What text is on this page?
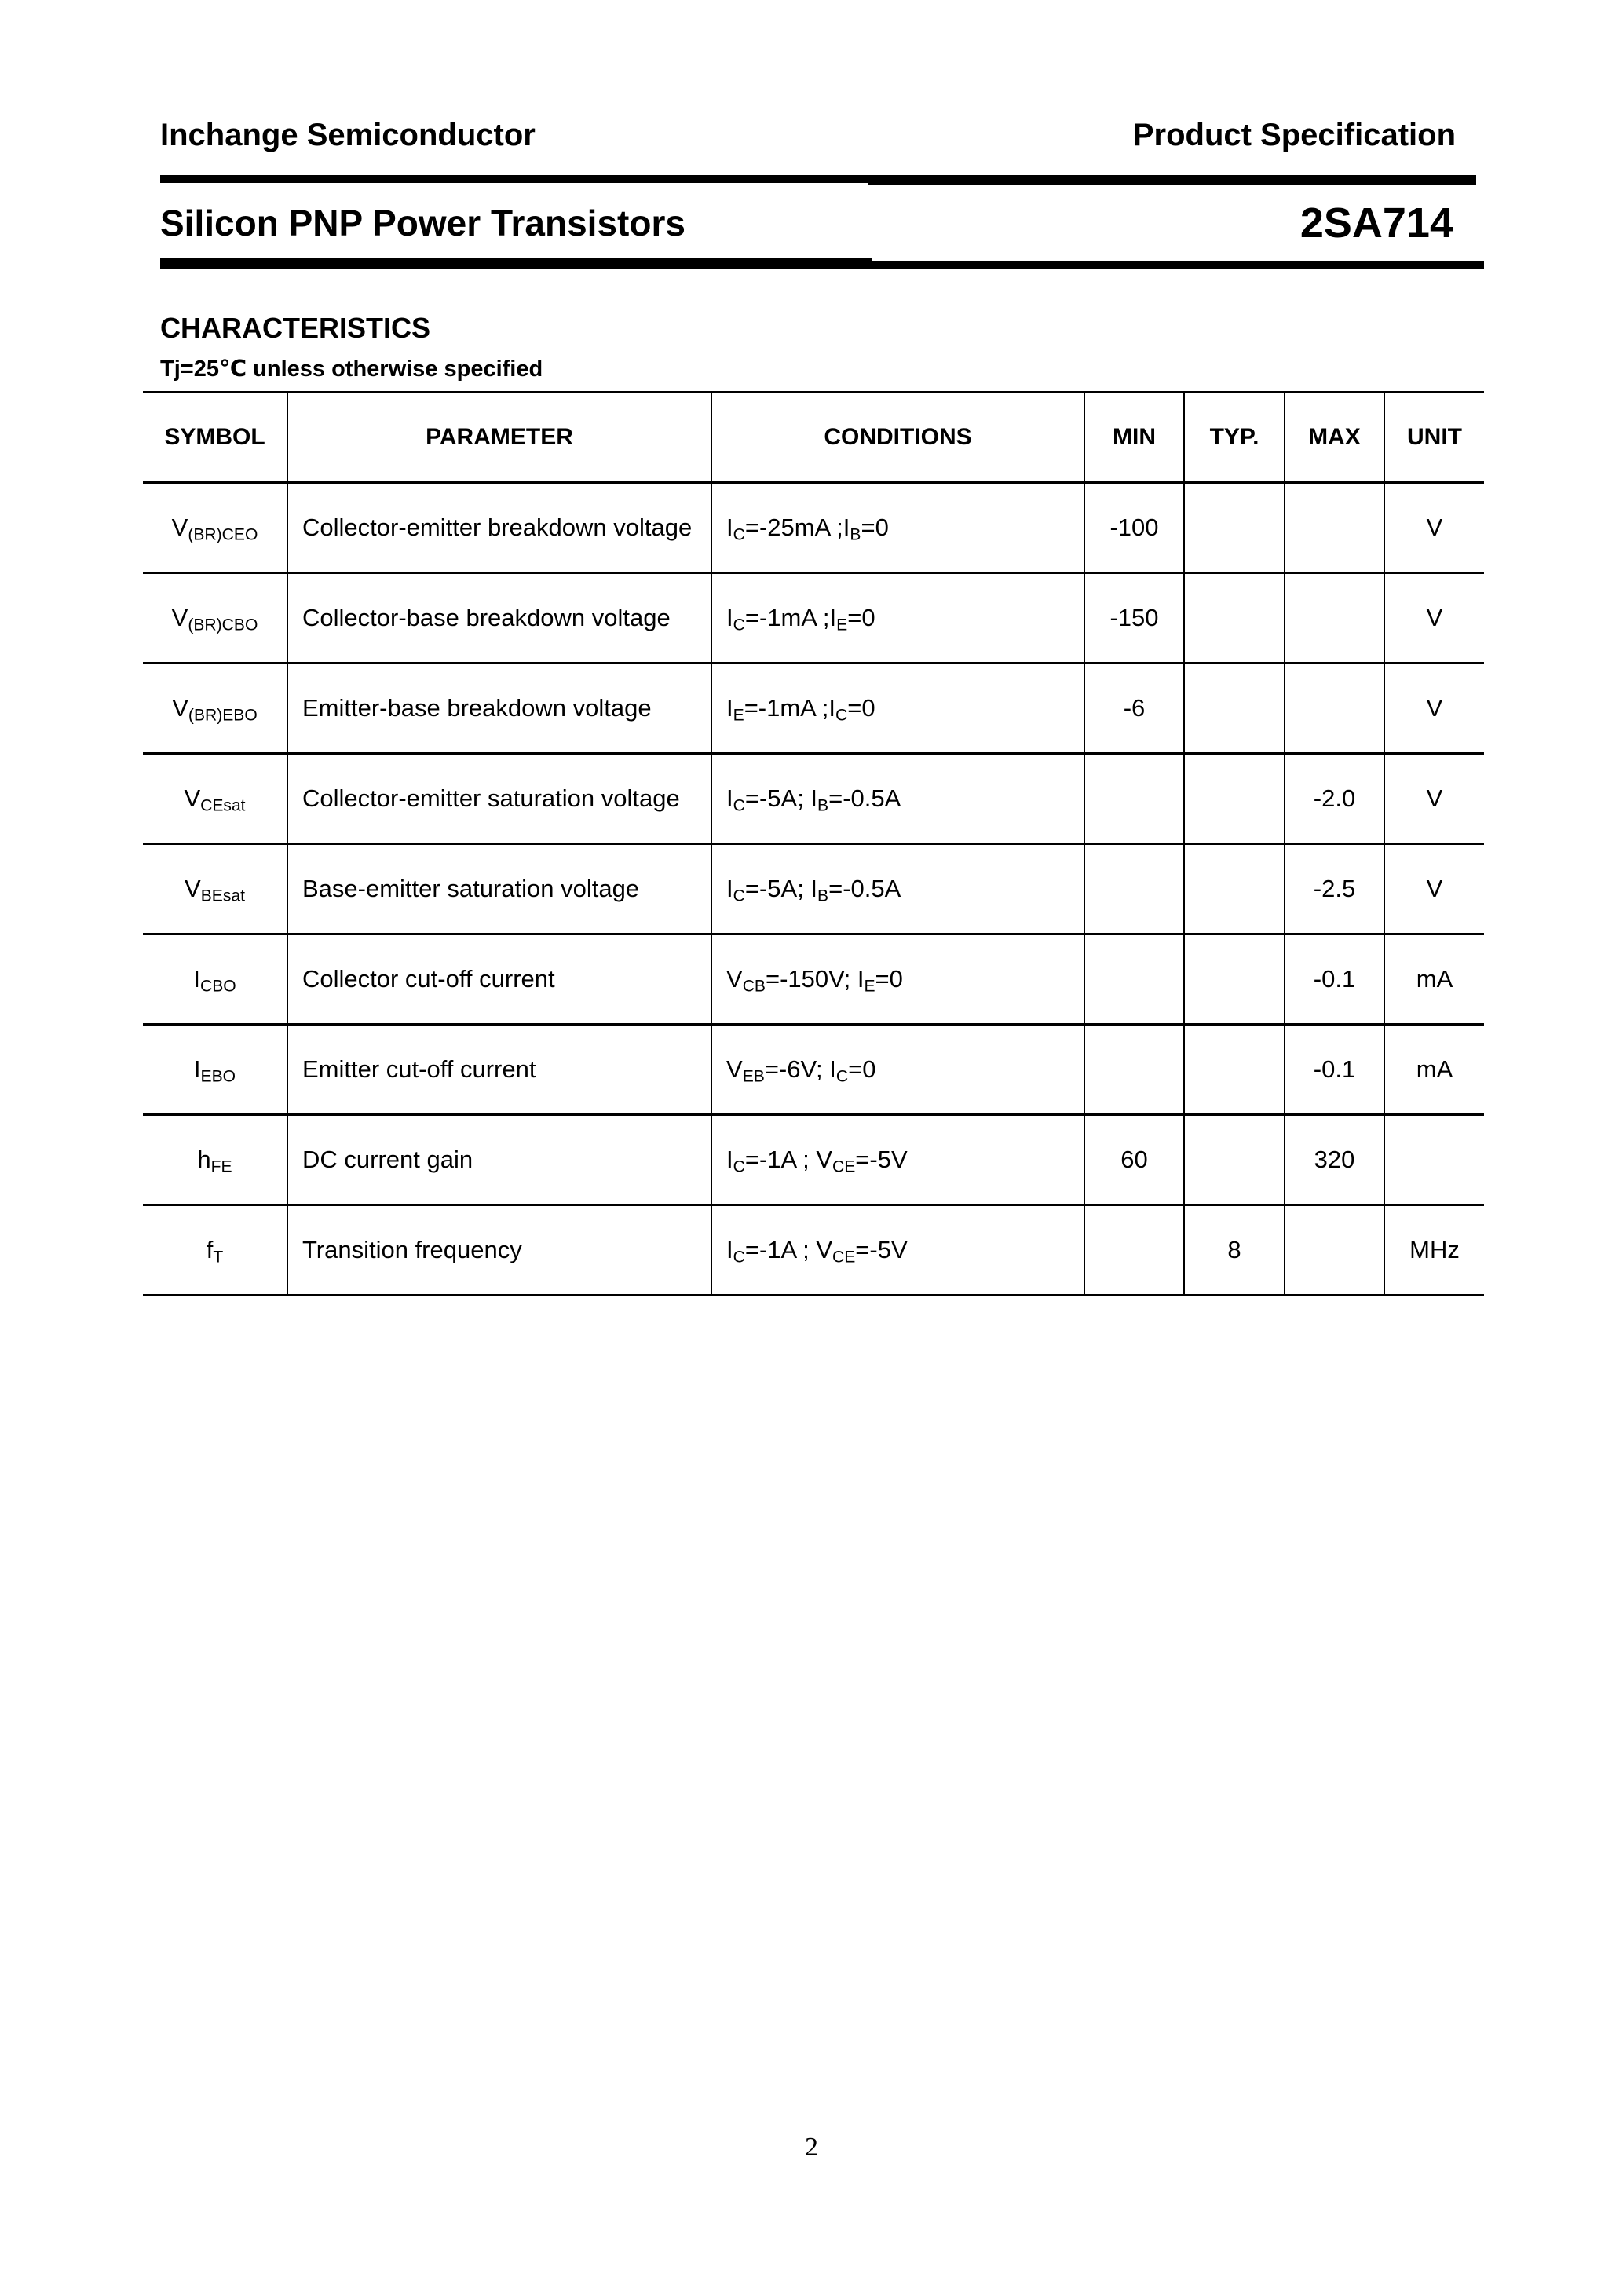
Inchange Semiconductor	Product Specification
Silicon PNP Power Transistors	2SA714
CHARACTERISTICS
Tj=25℃ unless otherwise specified
SYMBOL	PARAMETER	CONDITIONS	MIN	TYP.	MAX	UNIT
$V_{(BR)CEO}$	Collector-emitter breakdown voltage	$I_C=-25mA$ $;I_B=0$	-100			V
$V_{(BR)CBO}$	Collector-base breakdown voltage	$I_C=-1mA$ $;I_E=0$	-150			V
$V_{(BR)EBO}$	Emitter-base breakdown voltage	$I_E=-1mA$ $;I_C=0$	-6			V
$V_{CEsat}$	Collector-emitter saturation voltage	$I_C=-5A$; $I_B=-0.5A$			-2.0	V
$V_{BEsat}$	Base-emitter saturation voltage	$I_C=-5A$; $I_B=-0.5A$			-2.5	V
$I_{CBO}$	Collector cut-off current	$V_{CB}=-150V$; $I_E=0$			-0.1	mA
$I_{EBO}$	Emitter cut-off current	$V_{EB}=-6V$; $I_C=0$			-0.1	mA
$h_{FE}$	DC current gain	$I_C=-1A$ ; $V_{CE}=-5V$	60		320	
$f_T$	Transition frequency	$I_C=-1A$ ; $V_{CE}=-5V$		8		MHz
2
